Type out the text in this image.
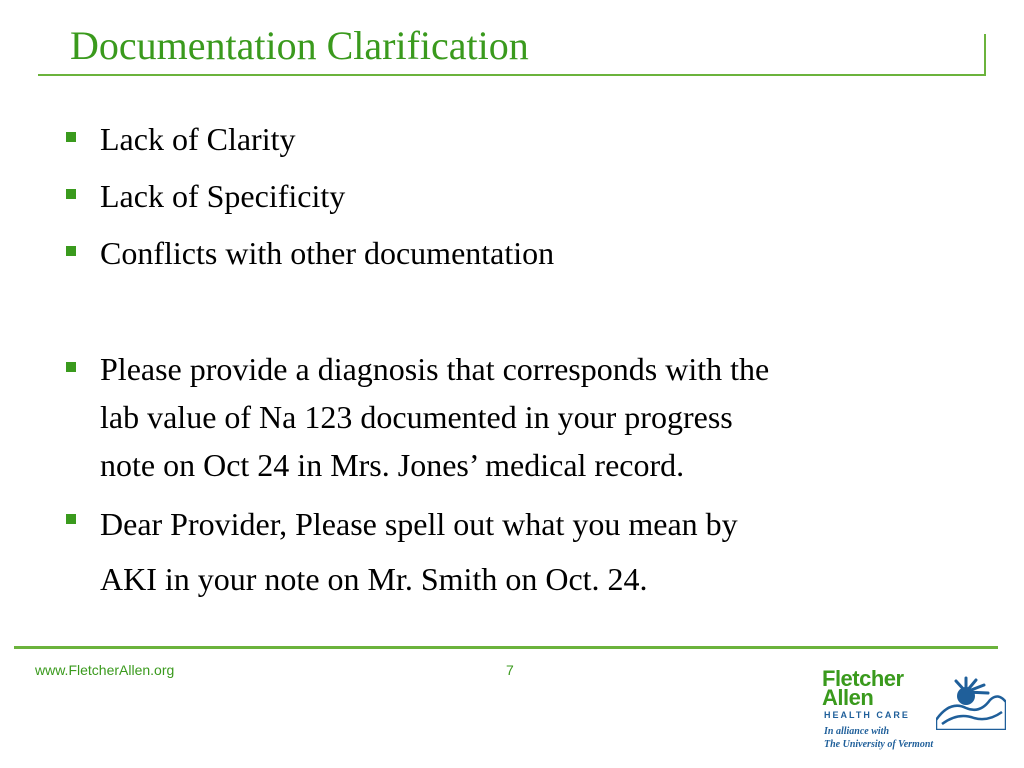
Documentation Clarification
Lack of Clarity
Lack of Specificity
Conflicts with other documentation
Please provide a diagnosis that corresponds with the
lab value of Na 123 documented in your progress
note on Oct 24 in Mrs. Jones’ medical record.
Dear Provider, Please spell out what you mean by
AKI in your note on Mr. Smith on Oct. 24.
www.FletcherAllen.org	7	Fletcher
Allen
HEALTH CARE
In alliance with
The University of Vermont
